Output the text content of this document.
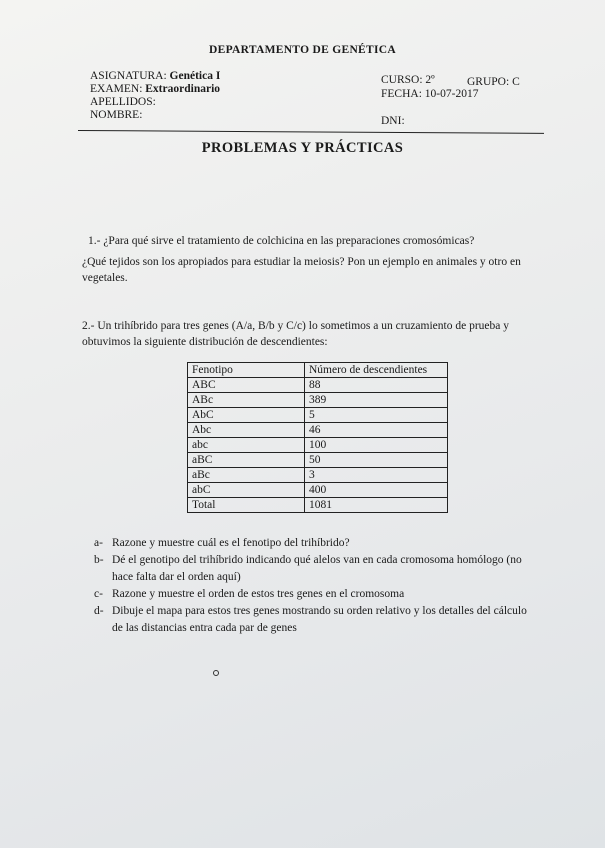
DEPARTAMENTO DE GENÉTICA
ASIGNATURA: Genética I
EXAMEN: Extraordinario
APELLIDOS:
NOMBRE:
CURSO: 2º	GRUPO: C
FECHA: 10-07-2017
DNI:
PROBLEMAS Y PRÁCTICAS
1.- ¿Para qué sirve el tratamiento de colchicina en las preparaciones cromosómicas?
¿Qué tejidos son los apropiados para estudiar la meiosis? Pon un ejemplo en animales y otro en vegetales.
2.- Un trihíbrido para tres genes (A/a, B/b y C/c) lo sometimos a un cruzamiento de prueba y obtuvimos la siguiente distribución de descendientes:
Fenotipo	Número de descendientes
ABC	88
ABc	389
AbC	5
Abc	46
abc	100
aBC	50
aBc	3
abC	400
Total	1081
a- Razone y muestre cuál es el fenotipo del trihíbrido?
b- Dé el genotipo del trihíbrido indicando qué alelos van en cada cromosoma homólogo (no hace falta dar el orden aquí)
c- Razone y muestre el orden de estos tres genes en el cromosoma
d- Dibuje el mapa para estos tres genes mostrando su orden relativo y los detalles del cálculo de las distancias entra cada par de genes
